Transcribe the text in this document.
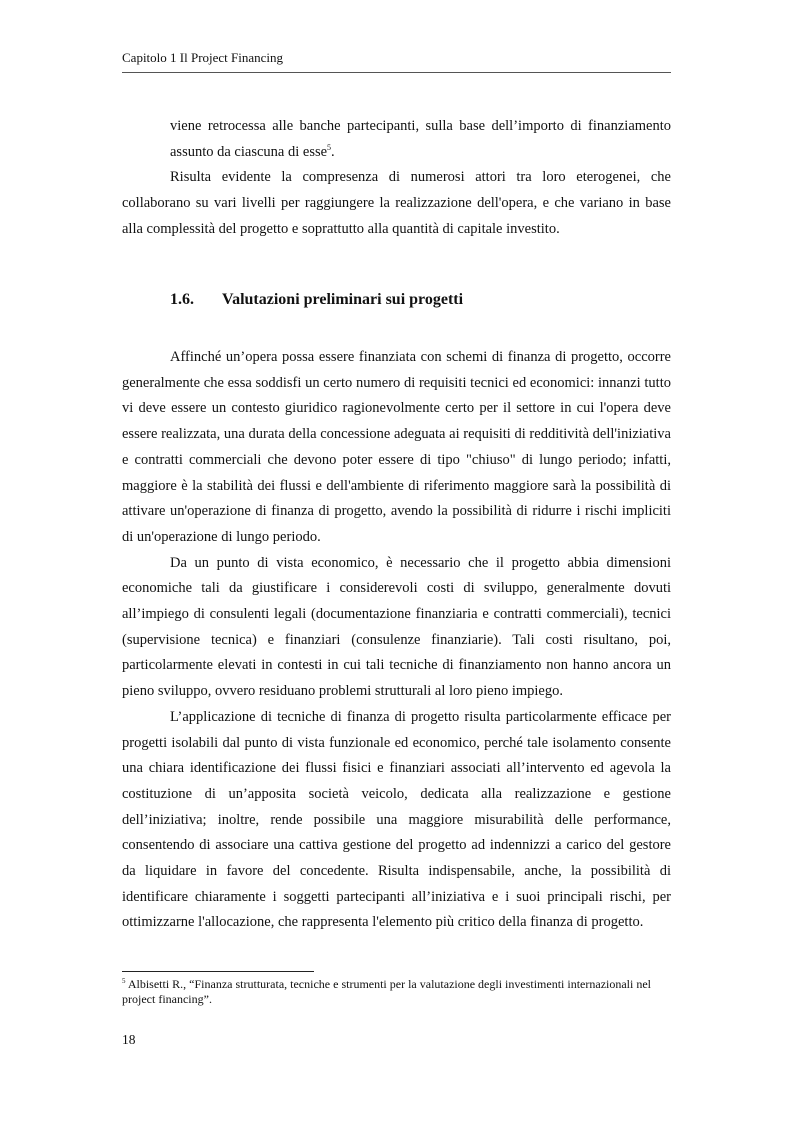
Capitolo 1 Il Project Financing

viene retrocessa alle banche partecipanti, sulla base dell’importo di finanziamento assunto da ciascuna di esse$^5$.

Risulta evidente la compresenza di numerosi attori tra loro eterogenei, che collaborano su vari livelli per raggiungere la realizzazione dell'opera, e che variano in base alla complessità del progetto e soprattutto alla quantità di capitale investito.

1.6. Valutazioni preliminari sui progetti

Affinché un’opera possa essere finanziata con schemi di finanza di progetto, occorre generalmente che essa soddisfi un certo numero di requisiti tecnici ed economici: innanzi tutto vi deve essere un contesto giuridico ragionevolmente certo per il settore in cui l'opera deve essere realizzata, una durata della concessione adeguata ai requisiti di redditività dell'iniziativa e contratti commerciali che devono poter essere di tipo "chiuso" di lungo periodo; infatti, maggiore è la stabilità dei flussi e dell'ambiente di riferimento maggiore sarà la possibilità di attivare un'operazione di finanza di progetto, avendo la possibilità di ridurre i rischi impliciti di un'operazione di lungo periodo.

Da un punto di vista economico, è necessario che il progetto abbia dimensioni economiche tali da giustificare i considerevoli costi di sviluppo, generalmente dovuti all’impiego di consulenti legali (documentazione finanziaria e contratti commerciali), tecnici (supervisione tecnica) e finanziari (consulenze finanziarie). Tali costi risultano, poi, particolarmente elevati in contesti in cui tali tecniche di finanziamento non hanno ancora un pieno sviluppo, ovvero residuano problemi strutturali al loro pieno impiego.

L’applicazione di tecniche di finanza di progetto risulta particolarmente efficace per progetti isolabili dal punto di vista funzionale ed economico, perché tale isolamento consente una chiara identificazione dei flussi fisici e finanziari associati all’intervento ed agevola la costituzione di un’apposita società veicolo, dedicata alla realizzazione e gestione dell’iniziativa; inoltre, rende possibile una maggiore misurabilità delle performance, consentendo di associare una cattiva gestione del progetto ad indennizzi a carico del gestore da liquidare in favore del concedente. Risulta indispensabile, anche, la possibilità di identificare chiaramente i soggetti partecipanti all’iniziativa e i suoi principali rischi, per ottimizzarne l'allocazione, che rappresenta l'elemento più critico della finanza di progetto.

$^5$ Albisetti R., “Finanza strutturata, tecniche e strumenti per la valutazione degli investimenti internazionali nel project financing”.
18
